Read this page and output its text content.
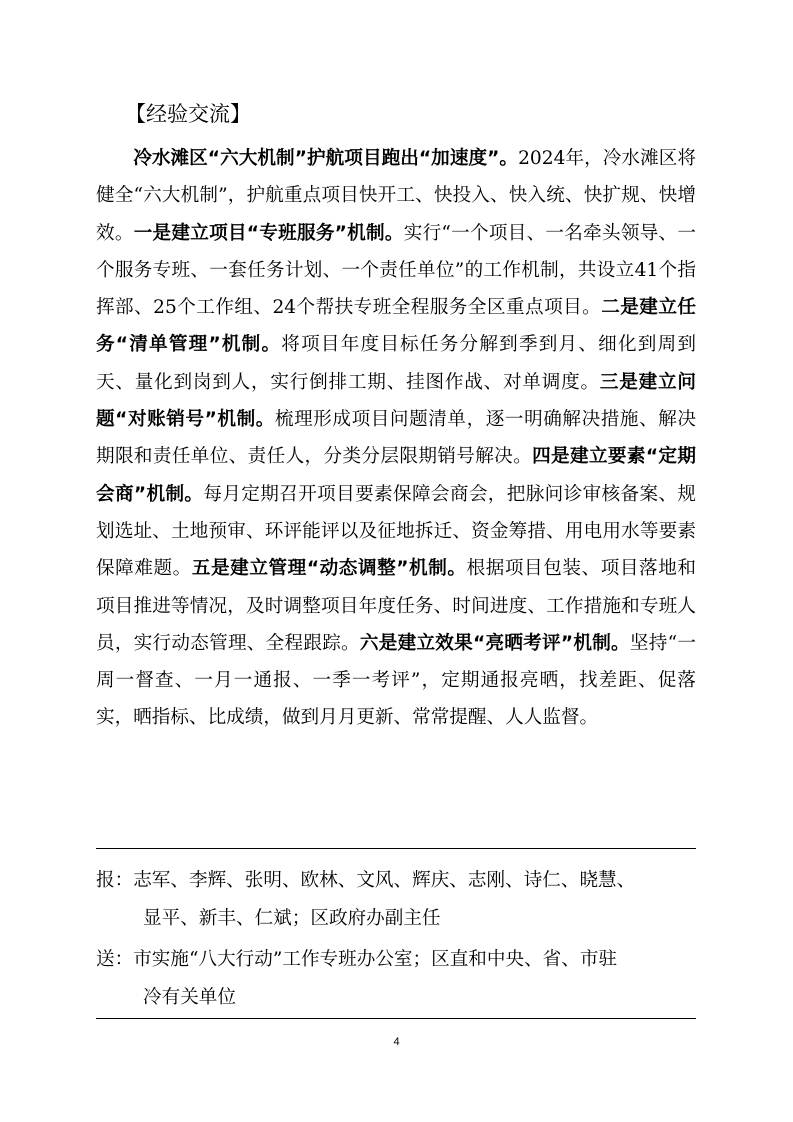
【经验交流】

冷水滩区“六大机制”护航项目跑出“加速度”。2024年，冷水滩区将健全“六大机制”，护航重点项目快开工、快投入、快入统、快扩规、快增效。一是建立项目“专班服务”机制。实行“一个项目、一名牵头领导、一个服务专班、一套任务计划、一个责任单位”的工作机制，共设立41个指挥部、25个工作组、24个帮扶专班全程服务全区重点项目。二是建立任务“清单管理”机制。将项目年度目标任务分解到季到月、细化到周到天、量化到岗到人，实行倒排工期、挂图作战、对单调度。三是建立问题“对账销号”机制。梳理形成项目问题清单，逐一明确解决措施、解决期限和责任单位、责任人，分类分层限期销号解决。四是建立要素“定期会商”机制。每月定期召开项目要素保障会商会，把脉问诊审核备案、规划选址、土地预审、环评能评以及征地拆迁、资金筹措、用电用水等要素保障难题。五是建立管理“动态调整”机制。根据项目包装、项目落地和项目推进等情况，及时调整项目年度任务、时间进度、工作措施和专班人员，实行动态管理、全程跟踪。六是建立效果“亮晒考评”机制。坚持“一周一督查、一月一通报、一季一考评”，定期通报亮晒，找差距、促落实，晒指标、比成绩，做到月月更新、常常提醒、人人监督。

报：志军、李辉、张明、欧林、文风、辉庆、志刚、诗仁、晓慧、
显平、新丰、仁斌；区政府办副主任
送：市实施“八大行动”工作专班办公室；区直和中央、省、市驻
冷有关单位
4
